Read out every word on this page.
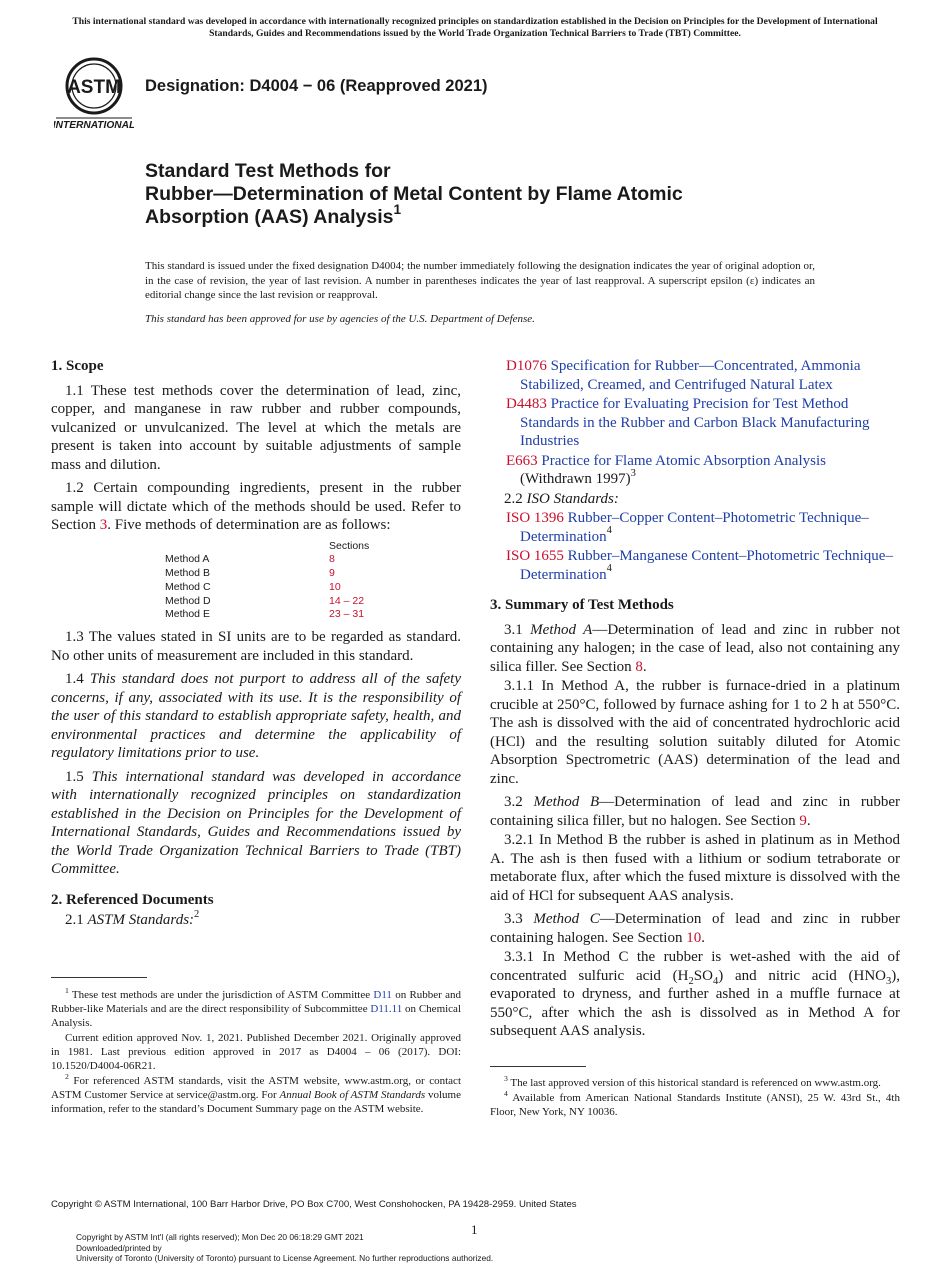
This international standard was developed in accordance with internationally recognized principles on standardization established in the Decision on Principles for the Development of International Standards, Guides and Recommendations issued by the World Trade Organization Technical Barriers to Trade (TBT) Committee.
ASTM
INTERNATIONAL
Designation: D4004 − 06 (Reapproved 2021)
Standard Test Methods for
Rubber—Determination of Metal Content by Flame Atomic
Absorption (AAS) Analysis$^1$
This standard is issued under the fixed designation D4004; the number immediately following the designation indicates the year of original adoption or, in the case of revision, the year of last revision. A number in parentheses indicates the year of last reapproval. A superscript epsilon (ε) indicates an editorial change since the last revision or reapproval.
This standard has been approved for use by agencies of the U.S. Department of Defense.
1. Scope

1.1 These test methods cover the determination of lead, zinc, copper, and manganese in raw rubber and rubber compounds, vulcanized or unvulcanized. The level at which the metals are present is taken into account by suitable adjustments of sample mass and dilution.

1.2 Certain compounding ingredients, present in the rubber sample will dictate which of the methods should be used. Refer to Section 3. Five methods of determination are as follows:

Sections
Method A	8
Method B	9
Method C	10
Method D	14 – 22
Method E	23 – 31

1.3 The values stated in SI units are to be regarded as standard. No other units of measurement are included in this standard.

1.4 This standard does not purport to address all of the safety concerns, if any, associated with its use. It is the responsibility of the user of this standard to establish appropriate safety, health, and environmental practices and determine the applicability of regulatory limitations prior to use.

1.5 This international standard was developed in accordance with internationally recognized principles on standardization established in the Decision on Principles for the Development of International Standards, Guides and Recommendations issued by the World Trade Organization Technical Barriers to Trade (TBT) Committee.

2. Referenced Documents

2.1 ASTM Standards:$^2$

$^1$ These test methods are under the jurisdiction of ASTM Committee D11 on Rubber and Rubber-like Materials and are the direct responsibility of Subcommittee D11.11 on Chemical Analysis.

Current edition approved Nov. 1, 2021. Published December 2021. Originally approved in 1981. Last previous edition approved in 2017 as D4004 – 06 (2017). DOI: 10.1520/D4004-06R21.

$^2$ For referenced ASTM standards, visit the ASTM website, www.astm.org, or contact ASTM Customer Service at service@astm.org. For Annual Book of ASTM Standards volume information, refer to the standard’s Document Summary page on the ASTM website.

D1076 Specification for Rubber—Concentrated, Ammonia Stabilized, Creamed, and Centrifuged Natural Latex

D4483 Practice for Evaluating Precision for Test Method Standards in the Rubber and Carbon Black Manufacturing Industries

E663 Practice for Flame Atomic Absorption Analysis (Withdrawn 1997)$^3$

2.2 ISO Standards:

ISO 1396 Rubber–Copper Content–Photometric Technique–Determination$^4$

ISO 1655 Rubber–Manganese Content–Photometric Technique–Determination$^4$

3. Summary of Test Methods

3.1 Method A—Determination of lead and zinc in rubber not containing any halogen; in the case of lead, also not containing any silica filler. See Section 8.

3.1.1 In Method A, the rubber is furnace-dried in a platinum crucible at 250°C, followed by furnace ashing for 1 to 2 h at 550°C. The ash is dissolved with the aid of concentrated hydrochloric acid (HCl) and the resulting solution suitably diluted for Atomic Absorption Spectrometric (AAS) determination of the lead and zinc.

3.2 Method B—Determination of lead and zinc in rubber containing silica filler, but no halogen. See Section 9.

3.2.1 In Method B the rubber is ashed in platinum as in Method A. The ash is then fused with a lithium or sodium tetraborate or metaborate flux, after which the fused mixture is dissolved with the aid of HCl for subsequent AAS analysis.

3.3 Method C—Determination of lead and zinc in rubber containing halogen. See Section 10.

3.3.1 In Method C the rubber is wet-ashed with the aid of concentrated sulfuric acid $(H_2SO_4)$ and nitric acid $(HNO_3)$, evaporated to dryness, and further ashed in a muffle furnace at 550°C, after which the ash is dissolved as in Method A for subsequent AAS analysis.

$^3$ The last approved version of this historical standard is referenced on www.astm.org.

$^4$ Available from American National Standards Institute (ANSI), 25 W. 43rd St., 4th Floor, New York, NY 10036.

Copyright © ASTM International, 100 Barr Harbor Drive, PO Box C700, West Conshohocken, PA 19428-2959. United States
1
Copyright by ASTM Int'l (all rights reserved); Mon Dec 20 06:18:29 GMT 2021
Downloaded/printed by
University of Toronto (University of Toronto) pursuant to License Agreement. No further reproductions authorized.
